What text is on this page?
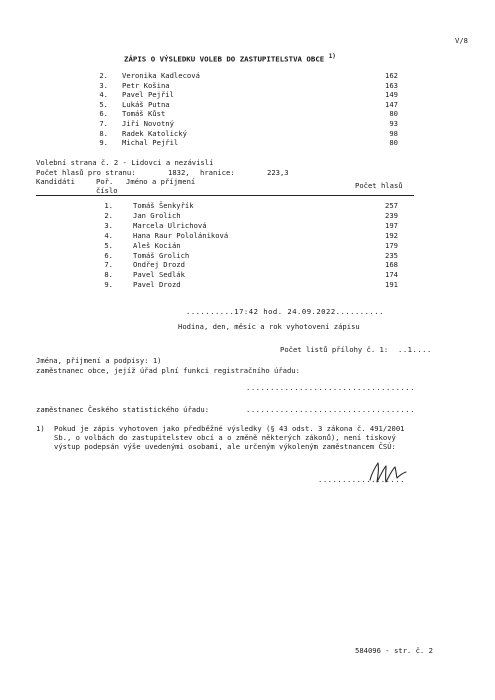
V/8
ZÁPIS O VÝSLEDKU VOLEB DO ZASTUPITELSTVA OBCE $^{1)}$
2. Veronika Kadlecová	162
3. Petr Košina	163
4. Pavel Pejřil	149
5. Lukáš Putna	147
6. Tomáš Kůst	80
7. Jiří Novotný	93
8. Radek Katolický	98
9. Michal Pejřil	80
Volební strana č. 2 - Lidovci a nezávislí
Počet hlasů pro stranu:	1832, hranice:	223,3
Kandidáti	Poř.
číslo
Jméno a příjmení	Počet hlasů
1.	Tomáš Šenkyřík	257
2.	Jan Grolich	239
3.	Marcela Ulrichová	197
4.	Hana Raur Pololániková	192
5.	Aleš Kocián	179
6.	Tomáš Grolich	235
7.	Ondřej Drozd	168
8.	Pavel Sedlák	174
9.	Pavel Drozd	191
..........17:42 hod. 24.09.2022..........
Hodina, den, měsíc a rok vyhotovení zápisu
Počet listů přílohy č. 1: ..1....
Jména, příjmení a podpisy: 1)
zaměstnanec obce, jejíž úřad plní funkci registračního úřadu:
...................................
zaměstnanec Českého statistického úřadu:	...................................
1) Pokud je zápis vyhotoven jako předběžné výsledky (§ 43 odst. 3 zákona č. 491/2001
Sb., o volbách do zastupitelstev obcí a o změně některých zákonů), není tiskový
výstup podepsán výše uvedenými osobami, ale určeným výkoleným zaměstnancem ČSÚ:
..................
584096 - str. č. 2
